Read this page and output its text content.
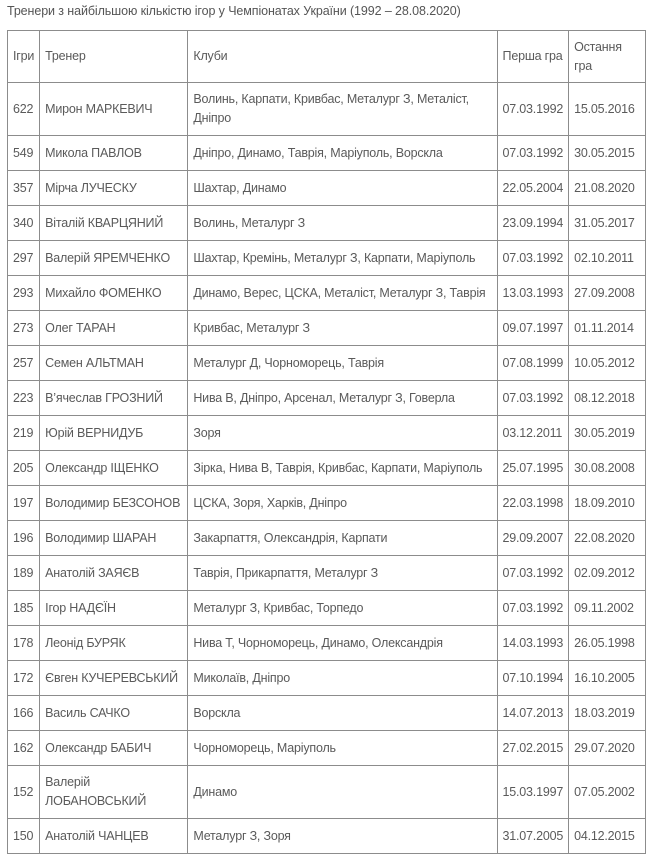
Тренери з найбільшою кількістю ігор у Чемпіонатах України (1992 – 28.08.2020)
Ігри	Тренер	Клуби	Перша гра	Остання гра
622	Мирон МАРКЕВИЧ	Волинь, Карпати, Кривбас, Металург З, Металіст, Дніпро	07.03.1992	15.05.2016
549	Микола ПАВЛОВ	Дніпро, Динамо, Таврія, Маріуполь, Ворскла	07.03.1992	30.05.2015
357	Мірча ЛУЧЕСКУ	Шахтар, Динамо	22.05.2004	21.08.2020
340	Віталій КВАРЦЯНИЙ	Волинь, Металург З	23.09.1994	31.05.2017
297	Валерій ЯРЕМЧЕНКО	Шахтар, Кремінь, Металург З, Карпати, Маріуполь	07.03.1992	02.10.2011
293	Михайло ФОМЕНКО	Динамо, Верес, ЦСКА, Металіст, Металург З, Таврія	13.03.1993	27.09.2008
273	Олег ТАРАН	Кривбас, Металург З	09.07.1997	01.11.2014
257	Семен АЛЬТМАН	Металург Д, Чорноморець, Таврія	07.08.1999	10.05.2012
223	В’ячеслав ГРОЗНИЙ	Нива В, Дніпро, Арсенал, Металург З, Говерла	07.03.1992	08.12.2018
219	Юрій ВЕРНИДУБ	Зоря	03.12.2011	30.05.2019
205	Олександр ІЩЕНКО	Зірка, Нива В, Таврія, Кривбас, Карпати, Маріуполь	25.07.1995	30.08.2008
197	Володимир БЕЗСОНОВ	ЦСКА, Зоря, Харків, Дніпро	22.03.1998	18.09.2010
196	Володимир ШАРАН	Закарпаття, Олександрія, Карпати	29.09.2007	22.08.2020
189	Анатолій ЗАЯЄВ	Таврія, Прикарпаття, Металург З	07.03.1992	02.09.2012
185	Ігор НАДЄЇН	Металург З, Кривбас, Торпедо	07.03.1992	09.11.2002
178	Леонід БУРЯК	Нива Т, Чорноморець, Динамо, Олександрія	14.03.1993	26.05.1998
172	Євген КУЧЕРЕВСЬКИЙ	Миколаїв, Дніпро	07.10.1994	16.10.2005
166	Василь САЧКО	Ворскла	14.07.2013	18.03.2019
162	Олександр БАБИЧ	Чорноморець, Маріуполь	27.02.2015	29.07.2020
152	Валерій ЛОБАНОВСЬКИЙ	Динамо	15.03.1997	07.05.2002
150	Анатолій ЧАНЦЕВ	Металург З, Зоря	31.07.2005	04.12.2015
